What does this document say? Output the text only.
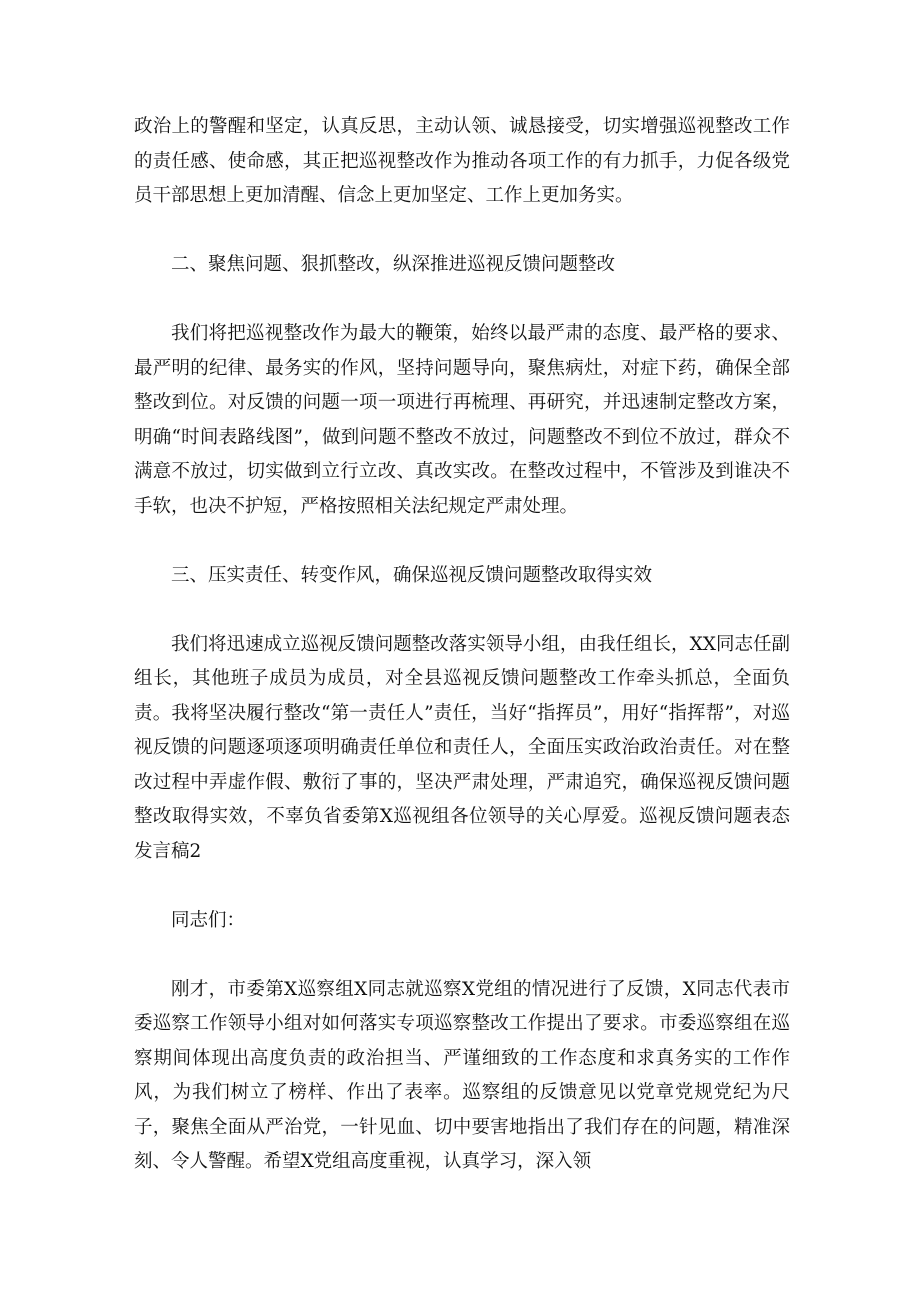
政治上的警醒和坚定，认真反思，主动认领、诚恳接受，切实增强巡视整改工作的责任感、使命感，其正把巡视整改作为推动各项工作的有力抓手，力促各级党员干部思想上更加清醒、信念上更加坚定、工作上更加务实。

二、聚焦问题、狠抓整改，纵深推进巡视反馈问题整改

我们将把巡视整改作为最大的鞭策，始终以最严肃的态度、最严格的要求、最严明的纪律、最务实的作风，坚持问题导向，聚焦病灶，对症下药，确保全部整改到位。对反馈的问题一项一项进行再梳理、再研究，并迅速制定整改方案，明确“时间表路线图”，做到问题不整改不放过，问题整改不到位不放过，群众不满意不放过，切实做到立行立改、真改实改。在整改过程中，不管涉及到谁决不手软，也决不护短，严格按照相关法纪规定严肃处理。

三、压实责任、转变作风，确保巡视反馈问题整改取得实效

我们将迅速成立巡视反馈问题整改落实领导小组，由我任组长，XX同志任副组长，其他班子成员为成员，对全县巡视反馈问题整改工作牵头抓总，全面负责。我将坚决履行整改“第一责任人”责任，当好“指挥员”，用好“指挥帮”，对巡视反馈的问题逐项逐项明确责任单位和责任人，全面压实政治政治责任。对在整改过程中弄虚作假、敷衍了事的，坚决严肃处理，严肃追究，确保巡视反馈问题整改取得实效，不辜负省委第X巡视组各位领导的关心厚爱。巡视反馈问题表态发言稿2

同志们：

刚才，市委第X巡察组X同志就巡察X党组的情况进行了反馈，X同志代表市委巡察工作领导小组对如何落实专项巡察整改工作提出了要求。市委巡察组在巡察期间体现出高度负责的政治担当、严谨细致的工作态度和求真务实的工作作风，为我们树立了榜样、作出了表率。巡察组的反馈意见以党章党规党纪为尺子，聚焦全面从严治党，一针见血、切中要害地指出了我们存在的问题，精准深刻、令人警醒。希望X党组高度重视，认真学习，深入领
